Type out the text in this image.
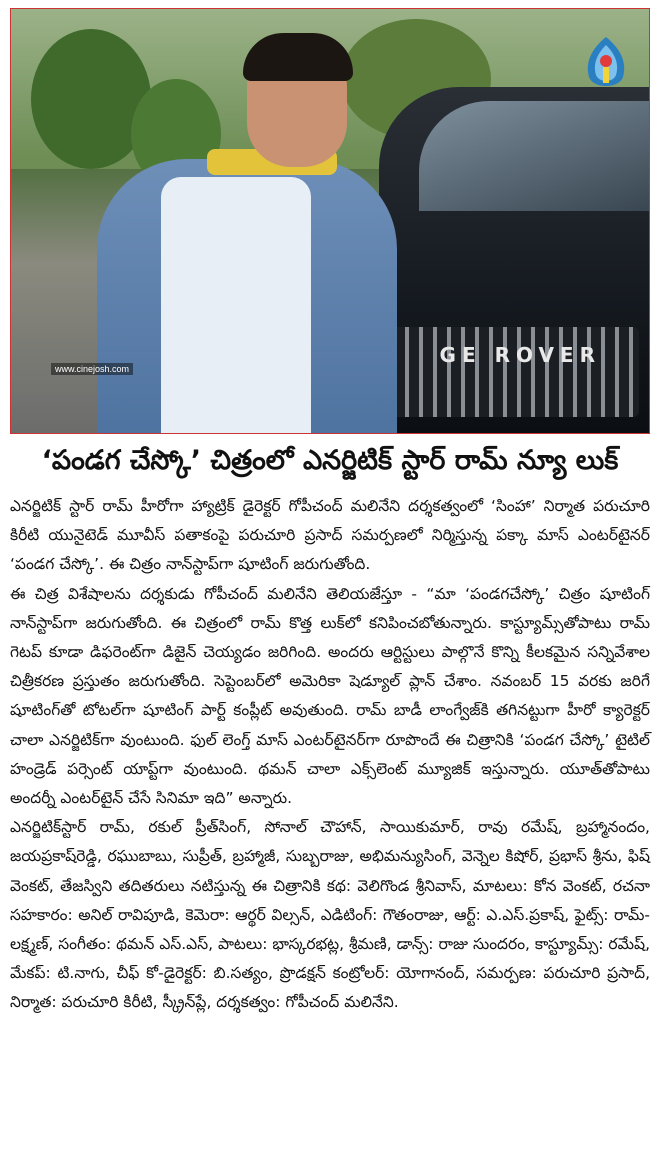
GE ROVER
www.cinejosh.com
‘పండగ చేస్కో’ చిత్రంలో ఎనర్జిటిక్ స్టార్ రామ్ న్యూ లుక్

ఎనర్జిటిక్ స్టార్ రామ్ హీరోగా హ్యాట్రిక్ డైరెక్టర్ గోపీచంద్ మలినేని దర్శకత్వంలో ‘సింహా’ నిర్మాత పరుచూరి కిరీటి యునైటెడ్ మూవీస్ పతాకంపై పరుచూరి ప్రసాద్ సమర్పణలో నిర్మిస్తున్న పక్కా మాస్ ఎంటర్‌టైనర్ ‘పండగ చేస్కో’. ఈ చిత్రం నాన్‌స్టాప్‌గా షూటింగ్ జరుగుతోంది.

ఈ చిత్ర విశేషాలను దర్శకుడు గోపీచంద్ మలినేని తెలియజేస్తూ - “మా ‘పండగచేస్కో’ చిత్రం షూటింగ్ నాన్‌స్టాప్‌గా జరుగుతోంది. ఈ చిత్రంలో రామ్ కొత్త లుక్‌లో కనిపించబోతున్నారు. కాస్ట్యూమ్స్‌తోపాటు రామ్ గెటప్ కూడా డిఫరెంట్‌గా డిజైన్ చెయ్యడం జరిగింది. అందరు ఆర్టిస్టులు పాల్గొనే కొన్ని కీలకమైన సన్నివేశాల చిత్రీకరణ ప్రస్తుతం జరుగుతోంది. సెప్టెంబర్‌లో అమెరికా షెడ్యూల్ ప్లాన్ చేశాం. నవంబర్ 15 వరకు జరిగే షూటింగ్‌తో టోటల్‌గా షూటింగ్ పార్ట్ కంప్లీట్ అవుతుంది. రామ్ బాడీ లాంగ్వేజ్‌కి తగినట్టుగా హీరో క్యారెక్టర్ చాలా ఎనర్జిటిక్‌గా వుంటుంది. ఫుల్ లెంగ్త్ మాస్ ఎంటర్‌టైనర్‌గా రూపొందే ఈ చిత్రానికి ‘పండగ చేస్కో’ టైటిల్ హండ్రెడ్ పర్సెంట్ యాప్ట్‌గా వుంటుంది. థమన్ చాలా ఎక్స్‌లెంట్ మ్యూజిక్ ఇస్తున్నారు. యూత్‌తోపాటు అందర్నీ ఎంటర్‌టైన్ చేసే సినిమా ఇది” అన్నారు.

ఎనర్జిటిక్‌స్టార్ రామ్, రకుల్ ప్రీత్‌సింగ్, సోనాల్ చౌహాన్, సాయికుమార్, రావు రమేష్, బ్రహ్మానందం, జయప్రకాష్‌రెడ్డి, రఘుబాబు, సుప్రీత్, బ్రహ్మాజీ, సుబ్బరాజు, అభిమన్యుసింగ్, వెన్నెల కిషోర్, ప్రభాస్ శ్రీను, ఫిష్ వెంకట్, తేజస్విని తదితరులు నటిస్తున్న ఈ చిత్రానికి కథ: వెలిగొండ శ్రీనివాస్, మాటలు: కోన వెంకట్, రచనా సహకారం: అనిల్ రావిపూడి, కెమెరా: ఆర్థర్ విల్సన్, ఎడిటింగ్: గౌతంరాజు, ఆర్ట్: ఎ.ఎస్.ప్రకాష్, ఫైట్స్: రామ్-లక్ష్మణ్, సంగీతం: థమన్ ఎస్.ఎస్, పాటలు: భాస్కరభట్ల, శ్రీమణి, డాన్స్: రాజు సుందరం, కాస్ట్యూమ్స్: రమేష్, మేకప్: టి.నాగు, చీఫ్ కో-డైరెక్టర్: బి.సత్యం, ప్రొడక్షన్ కంట్రోలర్: యోగానంద్, సమర్పణ: పరుచూరి ప్రసాద్, నిర్మాత: పరుచూరి కిరీటి, స్క్రీన్‌ప్లే, దర్శకత్వం: గోపీచంద్ మలినేని.
